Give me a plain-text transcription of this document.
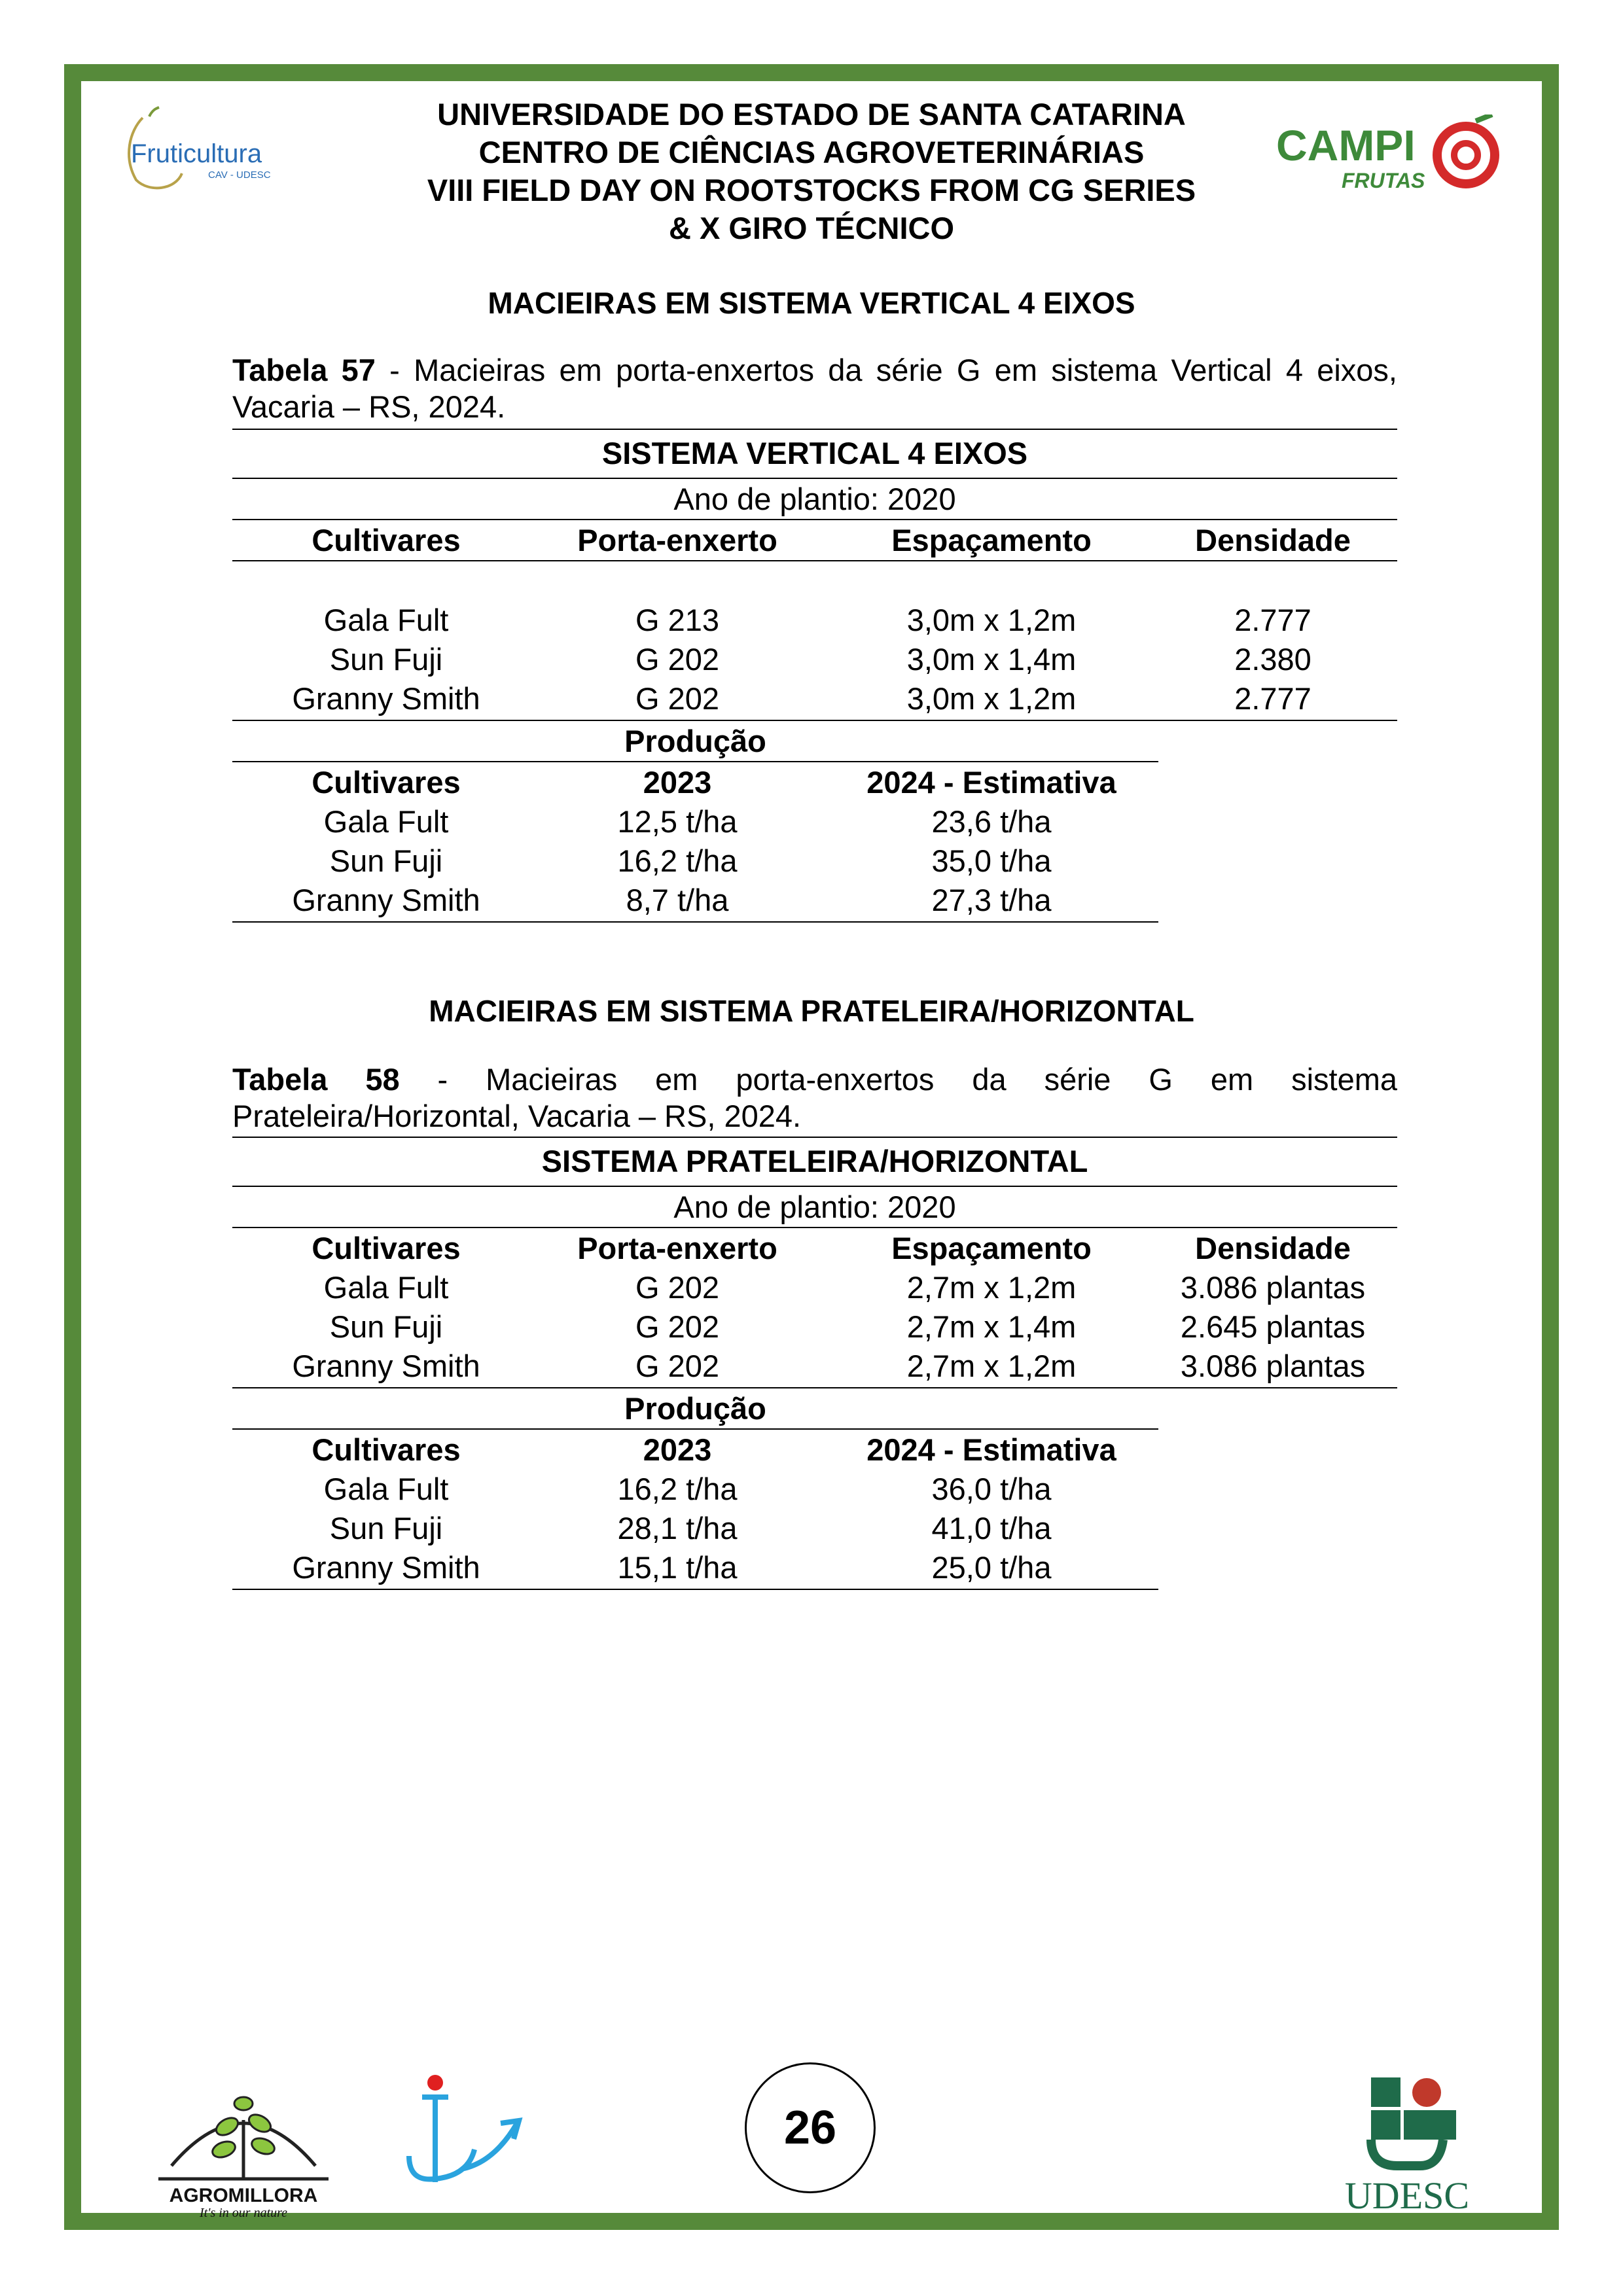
Fruticultura
CAV - UDESC
CAMPI
FRUTAS
UNIVERSIDADE DO ESTADO DE SANTA CATARINA
CENTRO DE CIÊNCIAS AGROVETERINÁRIAS
VIII FIELD DAY ON ROOTSTOCKS FROM CG SERIES
& X GIRO TÉCNICO
MACIEIRAS EM SISTEMA VERTICAL 4 EIXOS
Tabela 57 - Macieiras em porta-enxertos da série G em sistema Vertical 4 eixos, Vacaria – RS, 2024.
SISTEMA VERTICAL 4 EIXOS
Ano de plantio: 2020
Cultivares	Porta-enxerto	Espaçamento	Densidade
Gala Fult	G 213	3,0m x 1,2m	2.777
Sun Fuji	G 202	3,0m x 1,4m	2.380
Granny Smith	G 202	3,0m x 1,2m	2.777
Produção
Cultivares	2023	2024 - Estimativa
Gala Fult	12,5 t/ha	23,6 t/ha
Sun Fuji	16,2 t/ha	35,0 t/ha
Granny Smith	8,7 t/ha	27,3 t/ha
MACIEIRAS EM SISTEMA PRATELEIRA/HORIZONTAL
Tabela 58 - Macieiras em porta-enxertos da série G em sistema
Prateleira/Horizontal, Vacaria – RS, 2024.
SISTEMA PRATELEIRA/HORIZONTAL
Ano de plantio: 2020
Cultivares	Porta-enxerto	Espaçamento	Densidade
Gala Fult	G 202	2,7m x 1,2m	3.086 plantas
Sun Fuji	G 202	2,7m x 1,4m	2.645 plantas
Granny Smith	G 202	2,7m x 1,2m	3.086 plantas
Produção
Cultivares	2023	2024 - Estimativa
Gala Fult	16,2 t/ha	36,0 t/ha
Sun Fuji	28,1 t/ha	41,0 t/ha
Granny Smith	15,1 t/ha	25,0 t/ha
AGROMILLORA
It's in our nature
26
UDESC
